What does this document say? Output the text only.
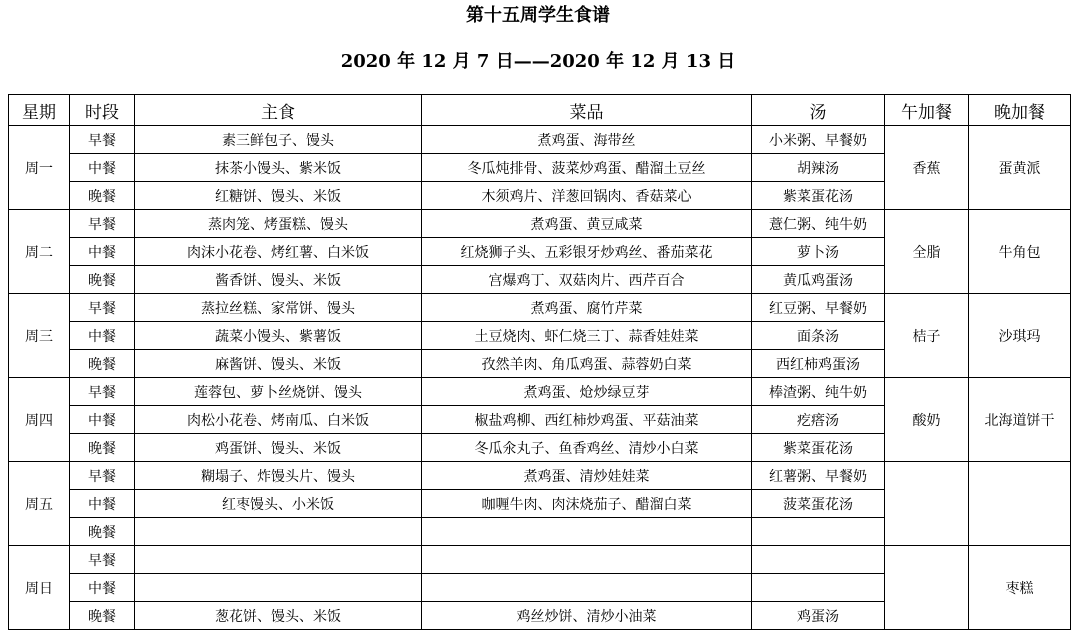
第十五周学生食谱
2020 年 12 月 7 日——2020 年 12 月 13 日
星期	时段	主食	菜品	汤	午加餐	晚加餐
周一	早餐	素三鲜包子、馒头	煮鸡蛋、海带丝	小米粥、早餐奶	香蕉	蛋黄派
	中餐	抹茶小馒头、紫米饭	冬瓜炖排骨、菠菜炒鸡蛋、醋溜土豆丝	胡辣汤		
	晚餐	红糖饼、馒头、米饭	木须鸡片、洋葱回锅肉、香菇菜心	紫菜蛋花汤		
周二	早餐	蒸肉笼、烤蛋糕、馒头	煮鸡蛋、黄豆咸菜	薏仁粥、纯牛奶	全脂	牛角包
	中餐	肉沫小花卷、烤红薯、白米饭	红烧狮子头、五彩银牙炒鸡丝、番茄菜花	萝卜汤		
	晚餐	酱香饼、馒头、米饭	宫爆鸡丁、双菇肉片、西芹百合	黄瓜鸡蛋汤		
周三	早餐	蒸拉丝糕、家常饼、馒头	煮鸡蛋、腐竹芹菜	红豆粥、早餐奶	桔子	沙琪玛
	中餐	蔬菜小馒头、紫薯饭	土豆烧肉、虾仁烧三丁、蒜香娃娃菜	面条汤		
	晚餐	麻酱饼、馒头、米饭	孜然羊肉、角瓜鸡蛋、蒜蓉奶白菜	西红柿鸡蛋汤		
周四	早餐	莲蓉包、萝卜丝烧饼、馒头	煮鸡蛋、炝炒绿豆芽	棒渣粥、纯牛奶	酸奶	北海道饼干
	中餐	肉松小花卷、烤南瓜、白米饭	椒盐鸡柳、西红柿炒鸡蛋、平菇油菜	疙瘩汤		
	晚餐	鸡蛋饼、馒头、米饭	冬瓜氽丸子、鱼香鸡丝、清炒小白菜	紫菜蛋花汤		
周五	早餐	糊塌子、炸馒头片、馒头	煮鸡蛋、清炒娃娃菜	红薯粥、早餐奶		
	中餐	红枣馒头、小米饭	咖喱牛肉、肉沫烧茄子、醋溜白菜	菠菜蛋花汤		
	晚餐					
周日	早餐					枣糕
	中餐					
	晚餐	葱花饼、馒头、米饭	鸡丝炒饼、清炒小油菜	鸡蛋汤		
